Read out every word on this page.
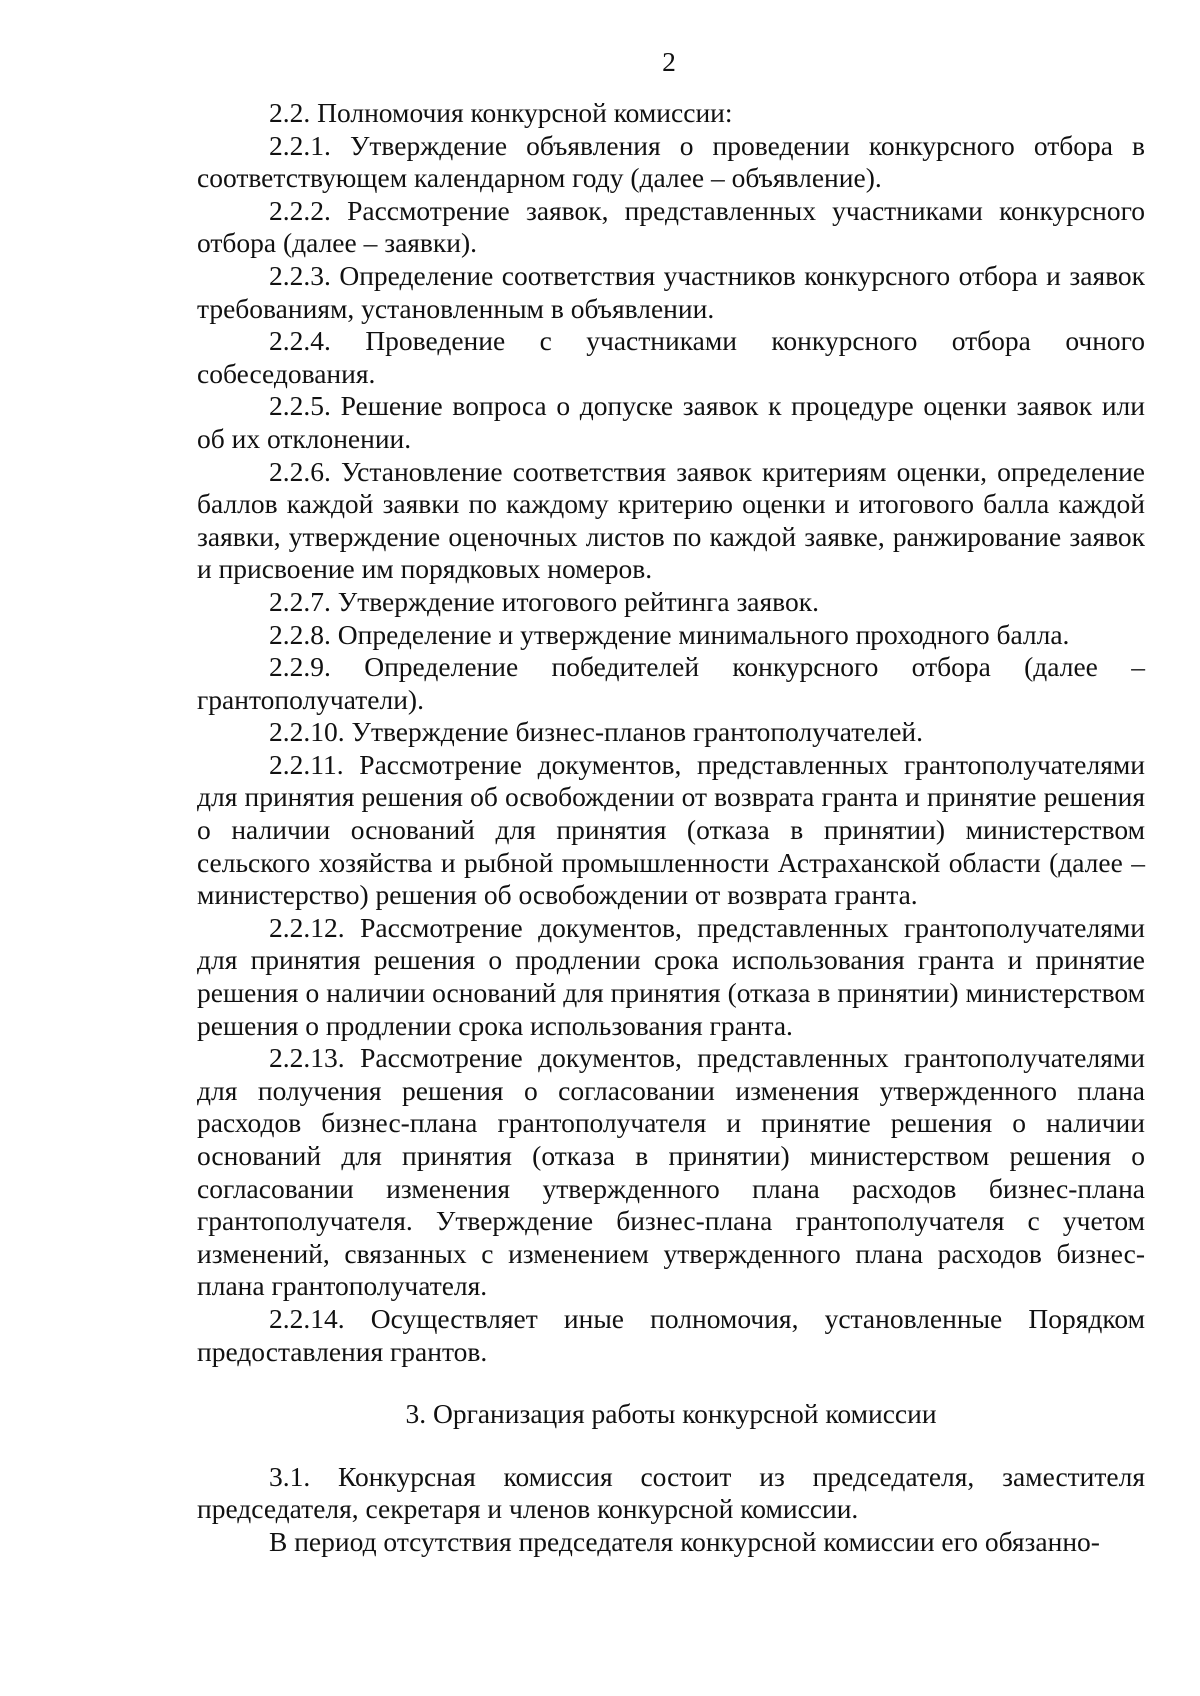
2

2.2. Полномочия конкурсной комиссии:

2.2.1. Утверждение объявления о проведении конкурсного отбора в соответствующем календарном году (далее – объявление).

2.2.2. Рассмотрение заявок, представленных участниками конкурсного отбора (далее – заявки).

2.2.3. Определение соответствия участников конкурсного отбора и заявок требованиям, установленным в объявлении.

2.2.4. Проведение с участниками конкурсного отбора очного собеседования.

2.2.5. Решение вопроса о допуске заявок к процедуре оценки заявок или об их отклонении.

2.2.6. Установление соответствия заявок критериям оценки, определение баллов каждой заявки по каждому критерию оценки и итогового балла каждой заявки, утверждение оценочных листов по каждой заявке, ранжирование заявок и присвоение им порядковых номеров.

2.2.7. Утверждение итогового рейтинга заявок.

2.2.8. Определение и утверждение минимального проходного балла.

2.2.9. Определение победителей конкурсного отбора (далее – грантополучатели).

2.2.10. Утверждение бизнес-планов грантополучателей.

2.2.11. Рассмотрение документов, представленных грантополучателями для принятия решения об освобождении от возврата гранта и принятие решения о наличии оснований для принятия (отказа в принятии) министерством сельского хозяйства и рыбной промышленности Астраханской области (далее – министерство) решения об освобождении от возврата гранта.

2.2.12. Рассмотрение документов, представленных грантополучателями для принятия решения о продлении срока использования гранта и принятие решения о наличии оснований для принятия (отказа в принятии) министерством решения о продлении срока использования гранта.

2.2.13. Рассмотрение документов, представленных грантополучателями для получения решения о согласовании изменения утвержденного плана расходов бизнес-плана грантополучателя и принятие решения о наличии оснований для принятия (отказа в принятии) министерством решения о согласовании изменения утвержденного плана расходов бизнес-плана грантополучателя. Утверждение бизнес-плана грантополучателя с учетом изменений, связанных с изменением утвержденного плана расходов бизнес-плана грантополучателя.

2.2.14. Осуществляет иные полномочия, установленные Порядком предоставления грантов.

3. Организация работы конкурсной комиссии

3.1. Конкурсная комиссия состоит из председателя, заместителя председателя, секретаря и членов конкурсной комиссии.

В период отсутствия председателя конкурсной комиссии его обязанно-
